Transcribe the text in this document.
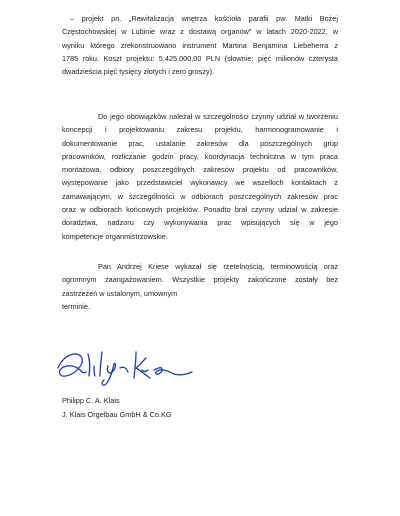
– projekt pn. „Rewitalizacja wnętrza kościoła parafii pw. Matki Bożej
Częstochowskiej w Lubinie wraz z dostawą organów” w latach 2020-2022, w
wyniku którego zrekonstruowano instrument Martina Benjamina Liebeherra z
1785 roku. Koszt projektu: 5.425.000,00 PLN (słownie: pięć milionów czterysta
dwadzieścia pięć tysięcy złotych i zero groszy).
Do jego obowiązków należał w szczególności czynny udział w tworzeniu
koncepcji i projektowaniu zakresu projektu, harmonogramowanie i
dokumentowanie prac, ustalanie zakresów dla poszczególnych grup
pracowników, rozliczanie godzin pracy, koordynacja techniczna w tym praca
montażowa, odbiory poszczególnych zakresów projektu od pracowników,
występowanie jako przedstawiciel wykonawcy we wszelkich kontaktach z
zamawiającym, w szczególności w odbiorach poszczególnych zakresów prac
oraz w odbiorach końcowych projektów. Ponadto brał czynny udział w zakresie
doradztwa, nadzoru czy wykonywania prac wpisujących się w jego
kompetencje organmistrzowskie.
Pan Andrzej Kriese wykazał się rzetelnością, terminowością oraz
ogromnym zaangażowaniem. Wszystkie projekty zakończone zostały bez
zastrzeżeń w ustalonym, umownym
terminie.
Philipp C. A. Klais
J. Klais Orgelbau GmbH & Co.KG
